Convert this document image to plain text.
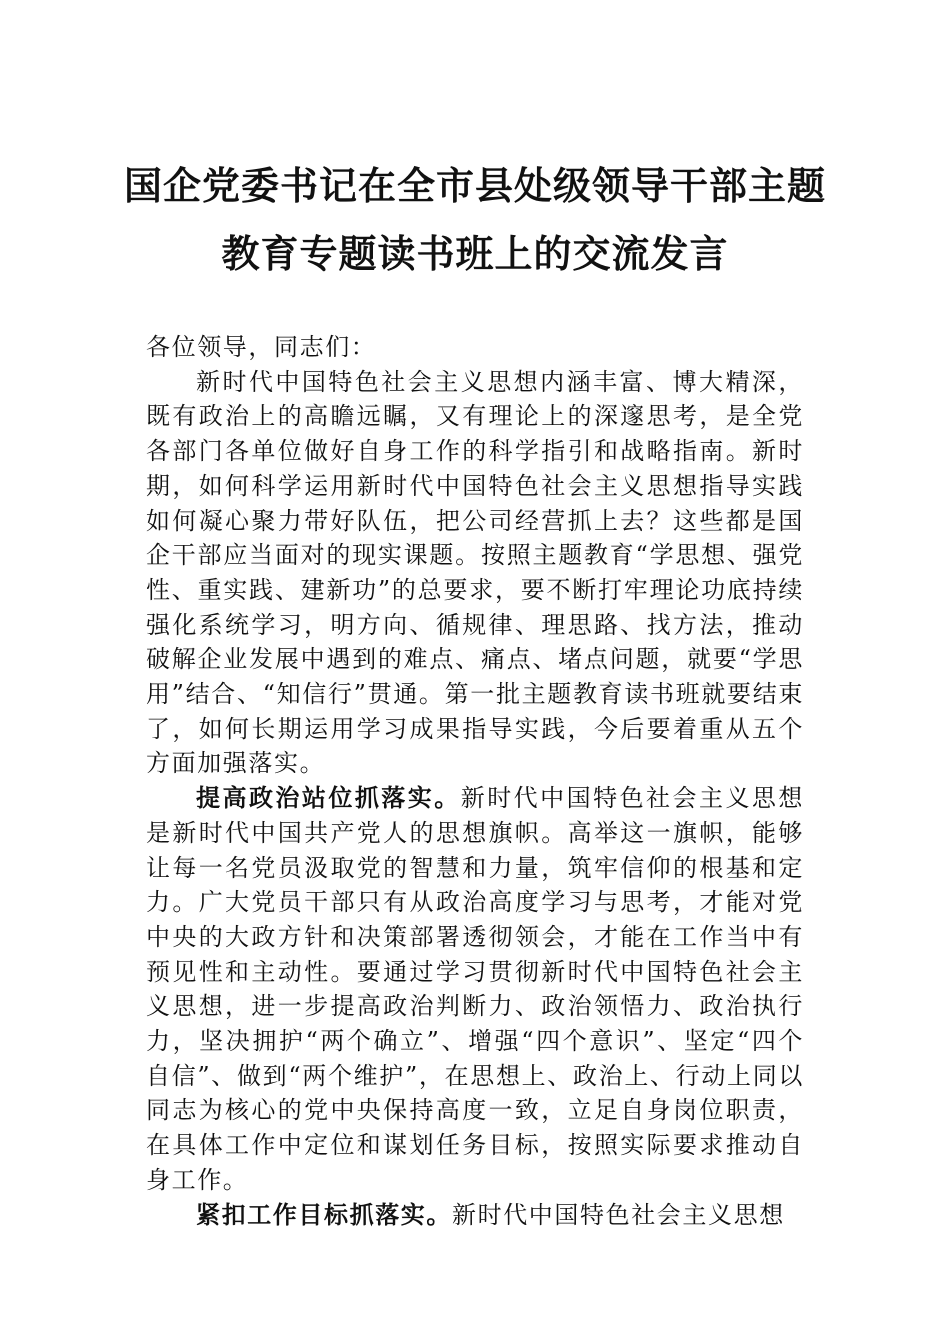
国企党委书记在全市县处级领导干部主题
教育专题读书班上的交流发言

各位领导，同志们：

新时代中国特色社会主义思想内涵丰富、博大精深，既有政治上的高瞻远瞩，又有理论上的深邃思考，是全党各部门各单位做好自身工作的科学指引和战略指南。新时期，如何科学运用新时代中国特色社会主义思想指导实践如何凝心聚力带好队伍，把公司经营抓上去？这些都是国企干部应当面对的现实课题。按照主题教育“学思想、强党性、重实践、建新功”的总要求，要不断打牢理论功底持续强化系统学习，明方向、循规律、理思路、找方法，推动破解企业发展中遇到的难点、痛点、堵点问题，就要“学思用”结合、“知信行”贯通。第一批主题教育读书班就要结束了，如何长期运用学习成果指导实践，今后要着重从五个方面加强落实。

提高政治站位抓落实。新时代中国特色社会主义思想是新时代中国共产党人的思想旗帜。高举这一旗帜，能够让每一名党员汲取党的智慧和力量，筑牢信仰的根基和定力。广大党员干部只有从政治高度学习与思考，才能对党中央的大政方针和决策部署透彻领会，才能在工作当中有预见性和主动性。要通过学习贯彻新时代中国特色社会主义思想，进一步提高政治判断力、政治领悟力、政治执行力，坚决拥护“两个确立”、增强“四个意识”、坚定“四个自信”、做到“两个维护”，在思想上、政治上、行动上同以同志为核心的党中央保持高度一致，立足自身岗位职责，在具体工作中定位和谋划任务目标，按照实际要求推动自身工作。

紧扣工作目标抓落实。新时代中国特色社会主义思想
